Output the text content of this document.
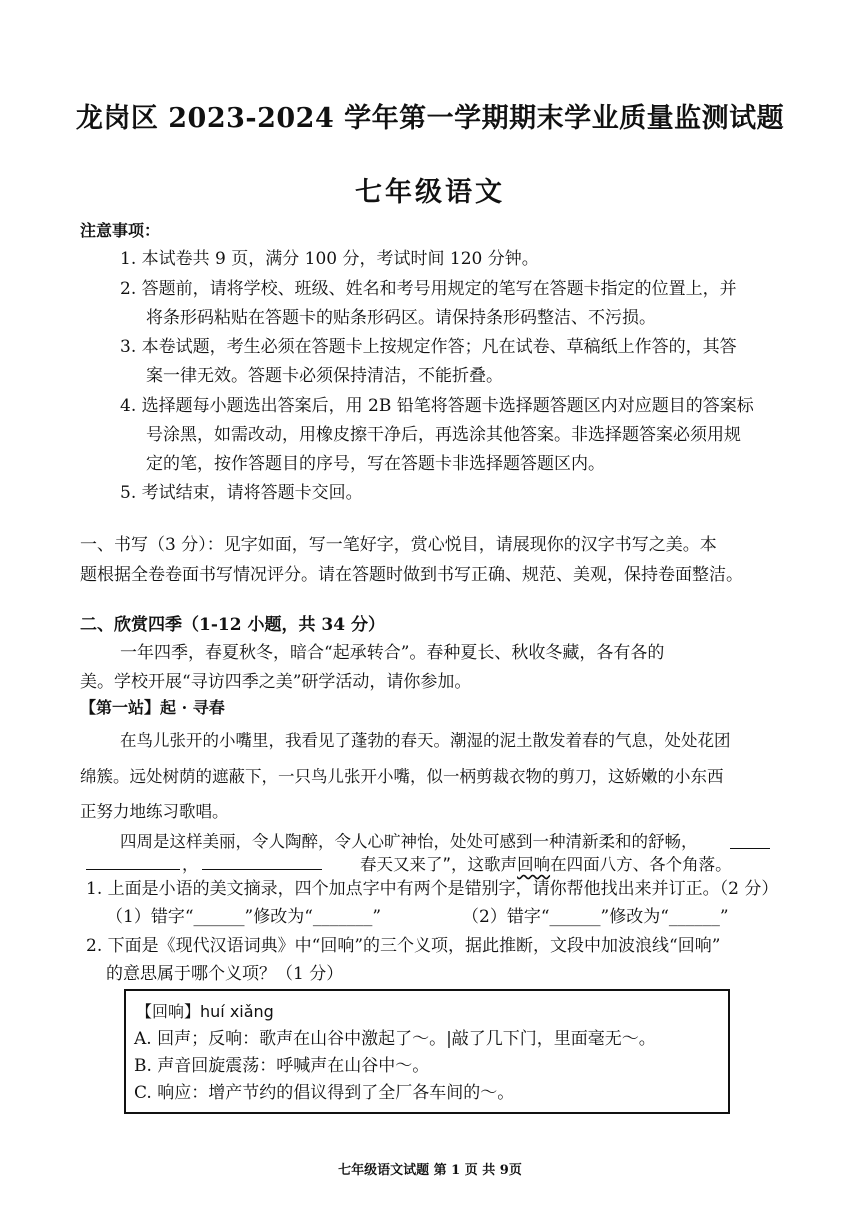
龙岗区 2023-2024 学年第一学期期末学业质量监测试题
七年级语文
注意事项：
1. 本试卷共 9 页，满分 100 分，考试时间 120 分钟。
2. 答题前，请将学校、班级、姓名和考号用规定的笔写在答题卡指定的位置上，并
将条形码粘贴在答题卡的贴条形码区。请保持条形码整洁、不污损。
3. 本卷试题，考生必须在答题卡上按规定作答；凡在试卷、草稿纸上作答的，其答
案一律无效。答题卡必须保持清洁，不能折叠。
4. 选择题每小题选出答案后，用 2B 铅笔将答题卡选择题答题区内对应题目的答案标
号涂黑，如需改动，用橡皮擦干净后，再选涂其他答案。非选择题答案必须用规
定的笔，按作答题目的序号，写在答题卡非选择题答题区内。
5. 考试结束，请将答题卡交回。
一、书写（3 分）：见字如面，写一笔好字，赏心悦目，请展现你的汉字书写之美。本
题根据全卷卷面书写情况评分。请在答题时做到书写正确、规范、美观，保持卷面整洁。
二、欣赏四季（1-12 小题，共 34 分）
一年四季，春夏秋冬，暗合“起承转合”。春种夏长、秋收冬藏，各有各的
美。学校开展“寻访四季之美”研学活动，请你参加。
【第一站】起 · 寻春
在鸟儿张开的小嘴里，我看见了蓬勃的春天。潮湿的泥土散发着春的气息，处处花团
绵簇。远处树荫的遮蔽下，一只鸟儿张开小嘴，似一柄剪裁衣物的剪刀，这娇嫩的小东西
正努力地练习歌唱。
四周是这样美丽，令人陶醉，令人心旷神怡，处处可感到一种清新柔和的舒畅，
，	春天又来了”，这歌声回响在四面八方、各个角落。
1. 上面是小语的美文摘录，四个加点字中有两个是错别字，请你帮他找出来并订正。（2 分）
（1）错字“______”修改为“_______”	（2）错字“______”修改为“______”
2. 下面是《现代汉语词典》中“回响”的三个义项，据此推断，文段中加波浪线“回响”
的意思属于哪个义项？（1 分）
【回响】huí xiǎng
A. 回声；反响：歌声在山谷中激起了～。|敲了几下门，里面毫无～。
B. 声音回旋震荡：呼喊声在山谷中～。
C. 响应：增产节约的倡议得到了全厂各车间的～。
七年级语文试题 第 1 页 共 9页
